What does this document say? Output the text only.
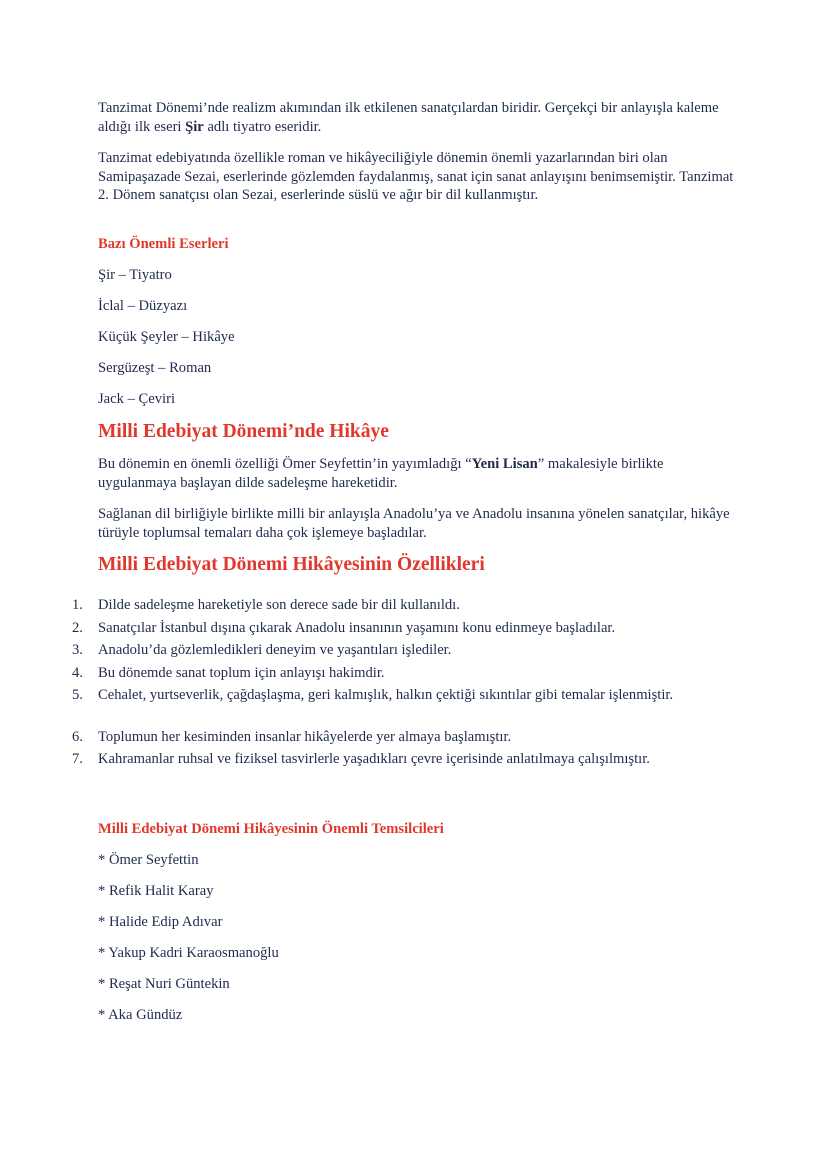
Tanzimat Dönemi’nde realizm akımından ilk etkilenen sanatçılardan biridir. Gerçekçi bir anlayışla kaleme aldığı ilk eseri Şir adlı tiyatro eseridir.

Tanzimat edebiyatında özellikle roman ve hikâyeciliğiyle dönemin önemli yazarlarından biri olan Samipaşazade Sezai, eserlerinde gözlemden faydalanmış, sanat için sanat anlayışını benimsemiştir. Tanzimat 2. Dönem sanatçısı olan Sezai, eserlerinde süslü ve ağır bir dil kullanmıştır.

Bazı Önemli Eserleri

Şir – Tiyatro

İclal – Düzyazı

Küçük Şeyler – Hikâye

Sergüzeşt – Roman

Jack – Çeviri

Milli Edebiyat Dönemi’nde Hikâye

Bu dönemin en önemli özelliği Ömer Seyfettin’in yayımladığı “Yeni Lisan” makalesiyle birlikte uygulanmaya başlayan dilde sadeleşme hareketidir.

Sağlanan dil birliğiyle birlikte milli bir anlayışla Anadolu’ya ve Anadolu insanına yönelen sanatçılar, hikâye türüyle toplumsal temaları daha çok işlemeye başladılar.

Milli Edebiyat Dönemi Hikâyesinin Özellikleri
1. Dilde sadeleşme hareketiyle son derece sade bir dil kullanıldı.

2. Sanatçılar İstanbul dışına çıkarak Anadolu insanının yaşamını konu edinmeye başladılar.

3. Anadolu’da gözlemledikleri deneyim ve yaşantıları işlediler.

4. Bu dönemde sanat toplum için anlayışı hakimdir.

5. Cehalet, yurtseverlik, çağdaşlaşma, geri kalmışlık, halkın çektiği sıkıntılar gibi temalar işlenmiştir.

6. Toplumun her kesiminden insanlar hikâyelerde yer almaya başlamıştır.

7. Kahramanlar ruhsal ve fiziksel tasvirlerle yaşadıkları çevre içerisinde anlatılmaya çalışılmıştır.

Milli Edebiyat Dönemi Hikâyesinin Önemli Temsilcileri

* Ömer Seyfettin

* Refik Halit Karay

* Halide Edip Adıvar

* Yakup Kadri Karaosmanoğlu

* Reşat Nuri Güntekin

* Aka Gündüz
